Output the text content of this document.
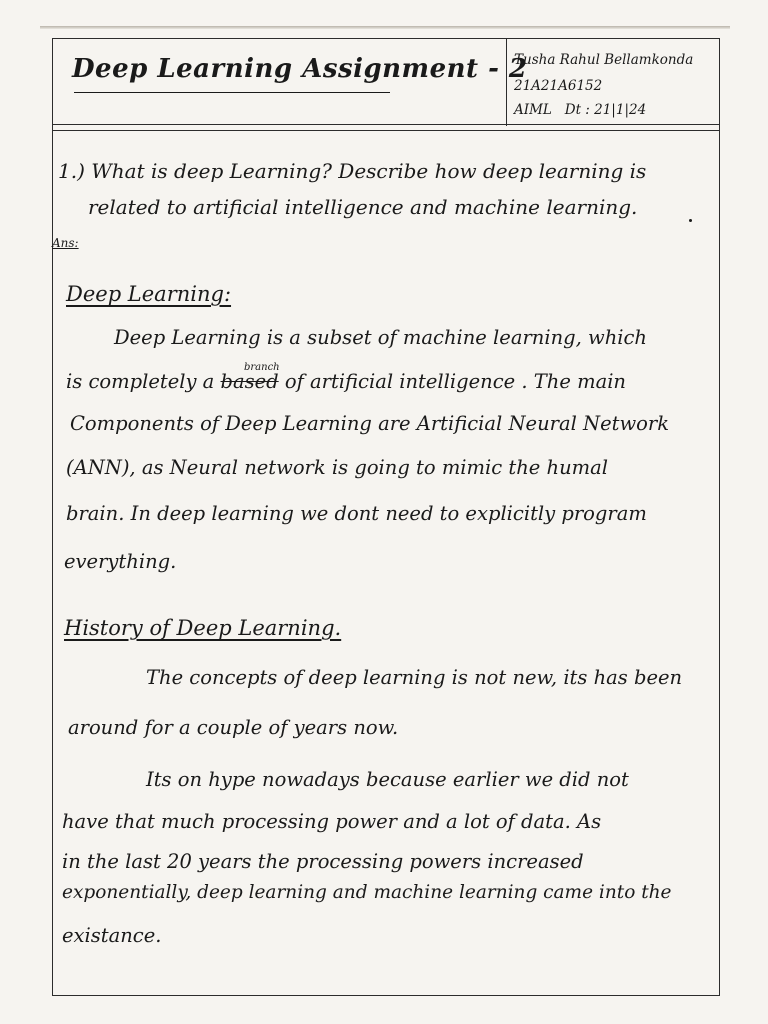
Deep Learning Assignment - 2
Tusha Rahul Bellamkonda
21A21A6152
AIML   Dt : 21|1|24
1.) What is deep Learning? Describe how deep learning is
related to artificial intelligence and machine learning.
Ans:
Deep Learning:
Deep Learning is a subset of machine learning, which
branch
is completely a based of artificial intelligence . The main
Components of Deep Learning are Artificial Neural Network
(ANN), as Neural network is going to mimic the humal
brain. In deep learning we dont need to explicitly program
everything.
History of Deep Learning.
The concepts of deep learning is not new, its has been
around for a couple of years now.
Its on hype nowadays because earlier we did not
have that much processing power and a lot of data. As
in the last 20 years the processing powers increased
exponentially, deep learning and machine learning came into the
existance.
